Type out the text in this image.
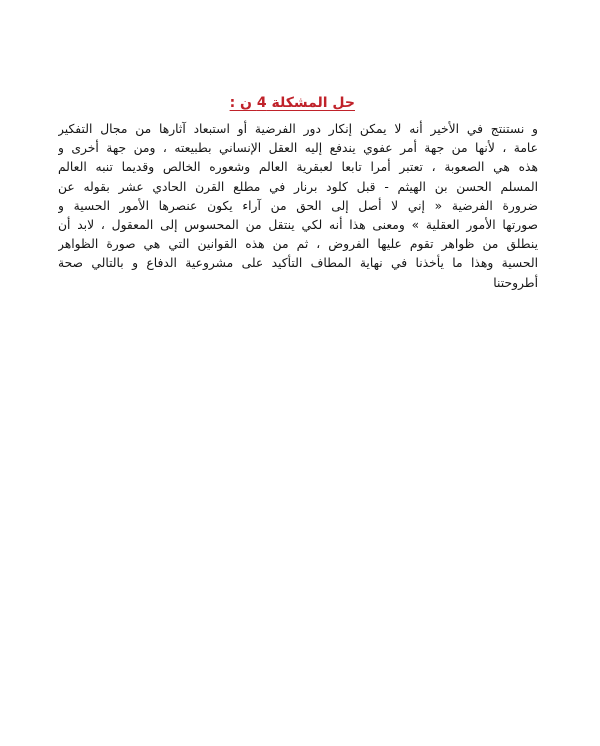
حل المشكلة 4 ن :
و نستنتج في الأخير أنه لا يمكن إنكار دور الفرضية أو استبعاد آثارها من مجال التفكير
عامة ، لأنها من جهة أمر عفوي يندفع إليه العقل الإنساني بطبيعته ، ومن جهة أخرى و
هذه هي الصعوبة ، تعتبر أمرا تابعا لعبقرية العالم وشعوره الخالص وقديما تنبه العالم
المسلم الحسن بن الهيثم - قبل كلود برنار في مطلع القرن الحادي عشر بقوله عن
ضرورة الفرضية « إني لا أصل إلى الحق من آراء يكون عنصرها الأمور الحسية و
صورتها الأمور العقلية » ومعنى هذا أنه لكي ينتقل من المحسوس إلى المعقول ، لابد أن
ينطلق من ظواهر تقوم عليها الفروض ، ثم من هذه القوانين التي هي صورة الظواهر
الحسية وهذا ما يأخذنا في نهاية المطاف التأكيد على مشروعية الدفاع و بالتالي صحة
أطروحتنا
